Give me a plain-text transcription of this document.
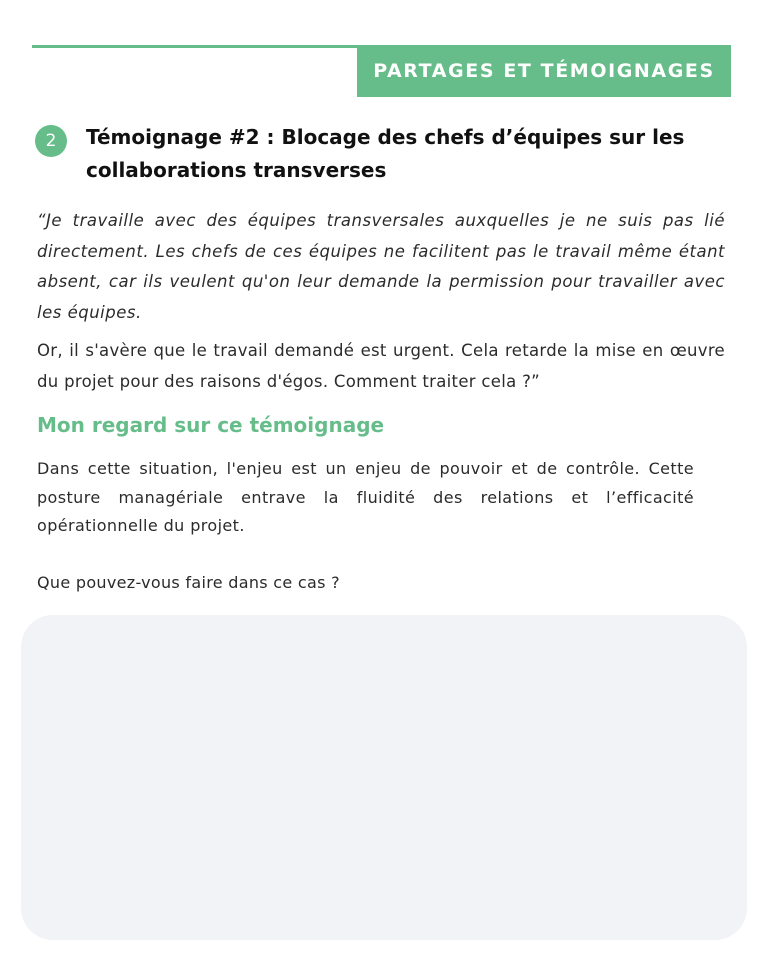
PARTAGES ET TÉMOIGNAGES
2 Témoignage #2 : Blocage des chefs d’équipes sur les collaborations transverses

“Je travaille avec des équipes transversales auxquelles je ne suis pas lié directement. Les chefs de ces équipes ne facilitent pas le travail même étant absent, car ils veulent qu'on leur demande la permission pour travailler avec les équipes.

Or, il s'avère que le travail demandé est urgent. Cela retarde la mise en œuvre du projet pour des raisons d'égos. Comment traiter cela ?”

Mon regard sur ce témoignage

Dans cette situation, l'enjeu est un enjeu de pouvoir et de contrôle. Cette posture managériale entrave la fluidité des relations et l’efficacité opérationnelle du projet.

Que pouvez-vous faire dans ce cas ?
